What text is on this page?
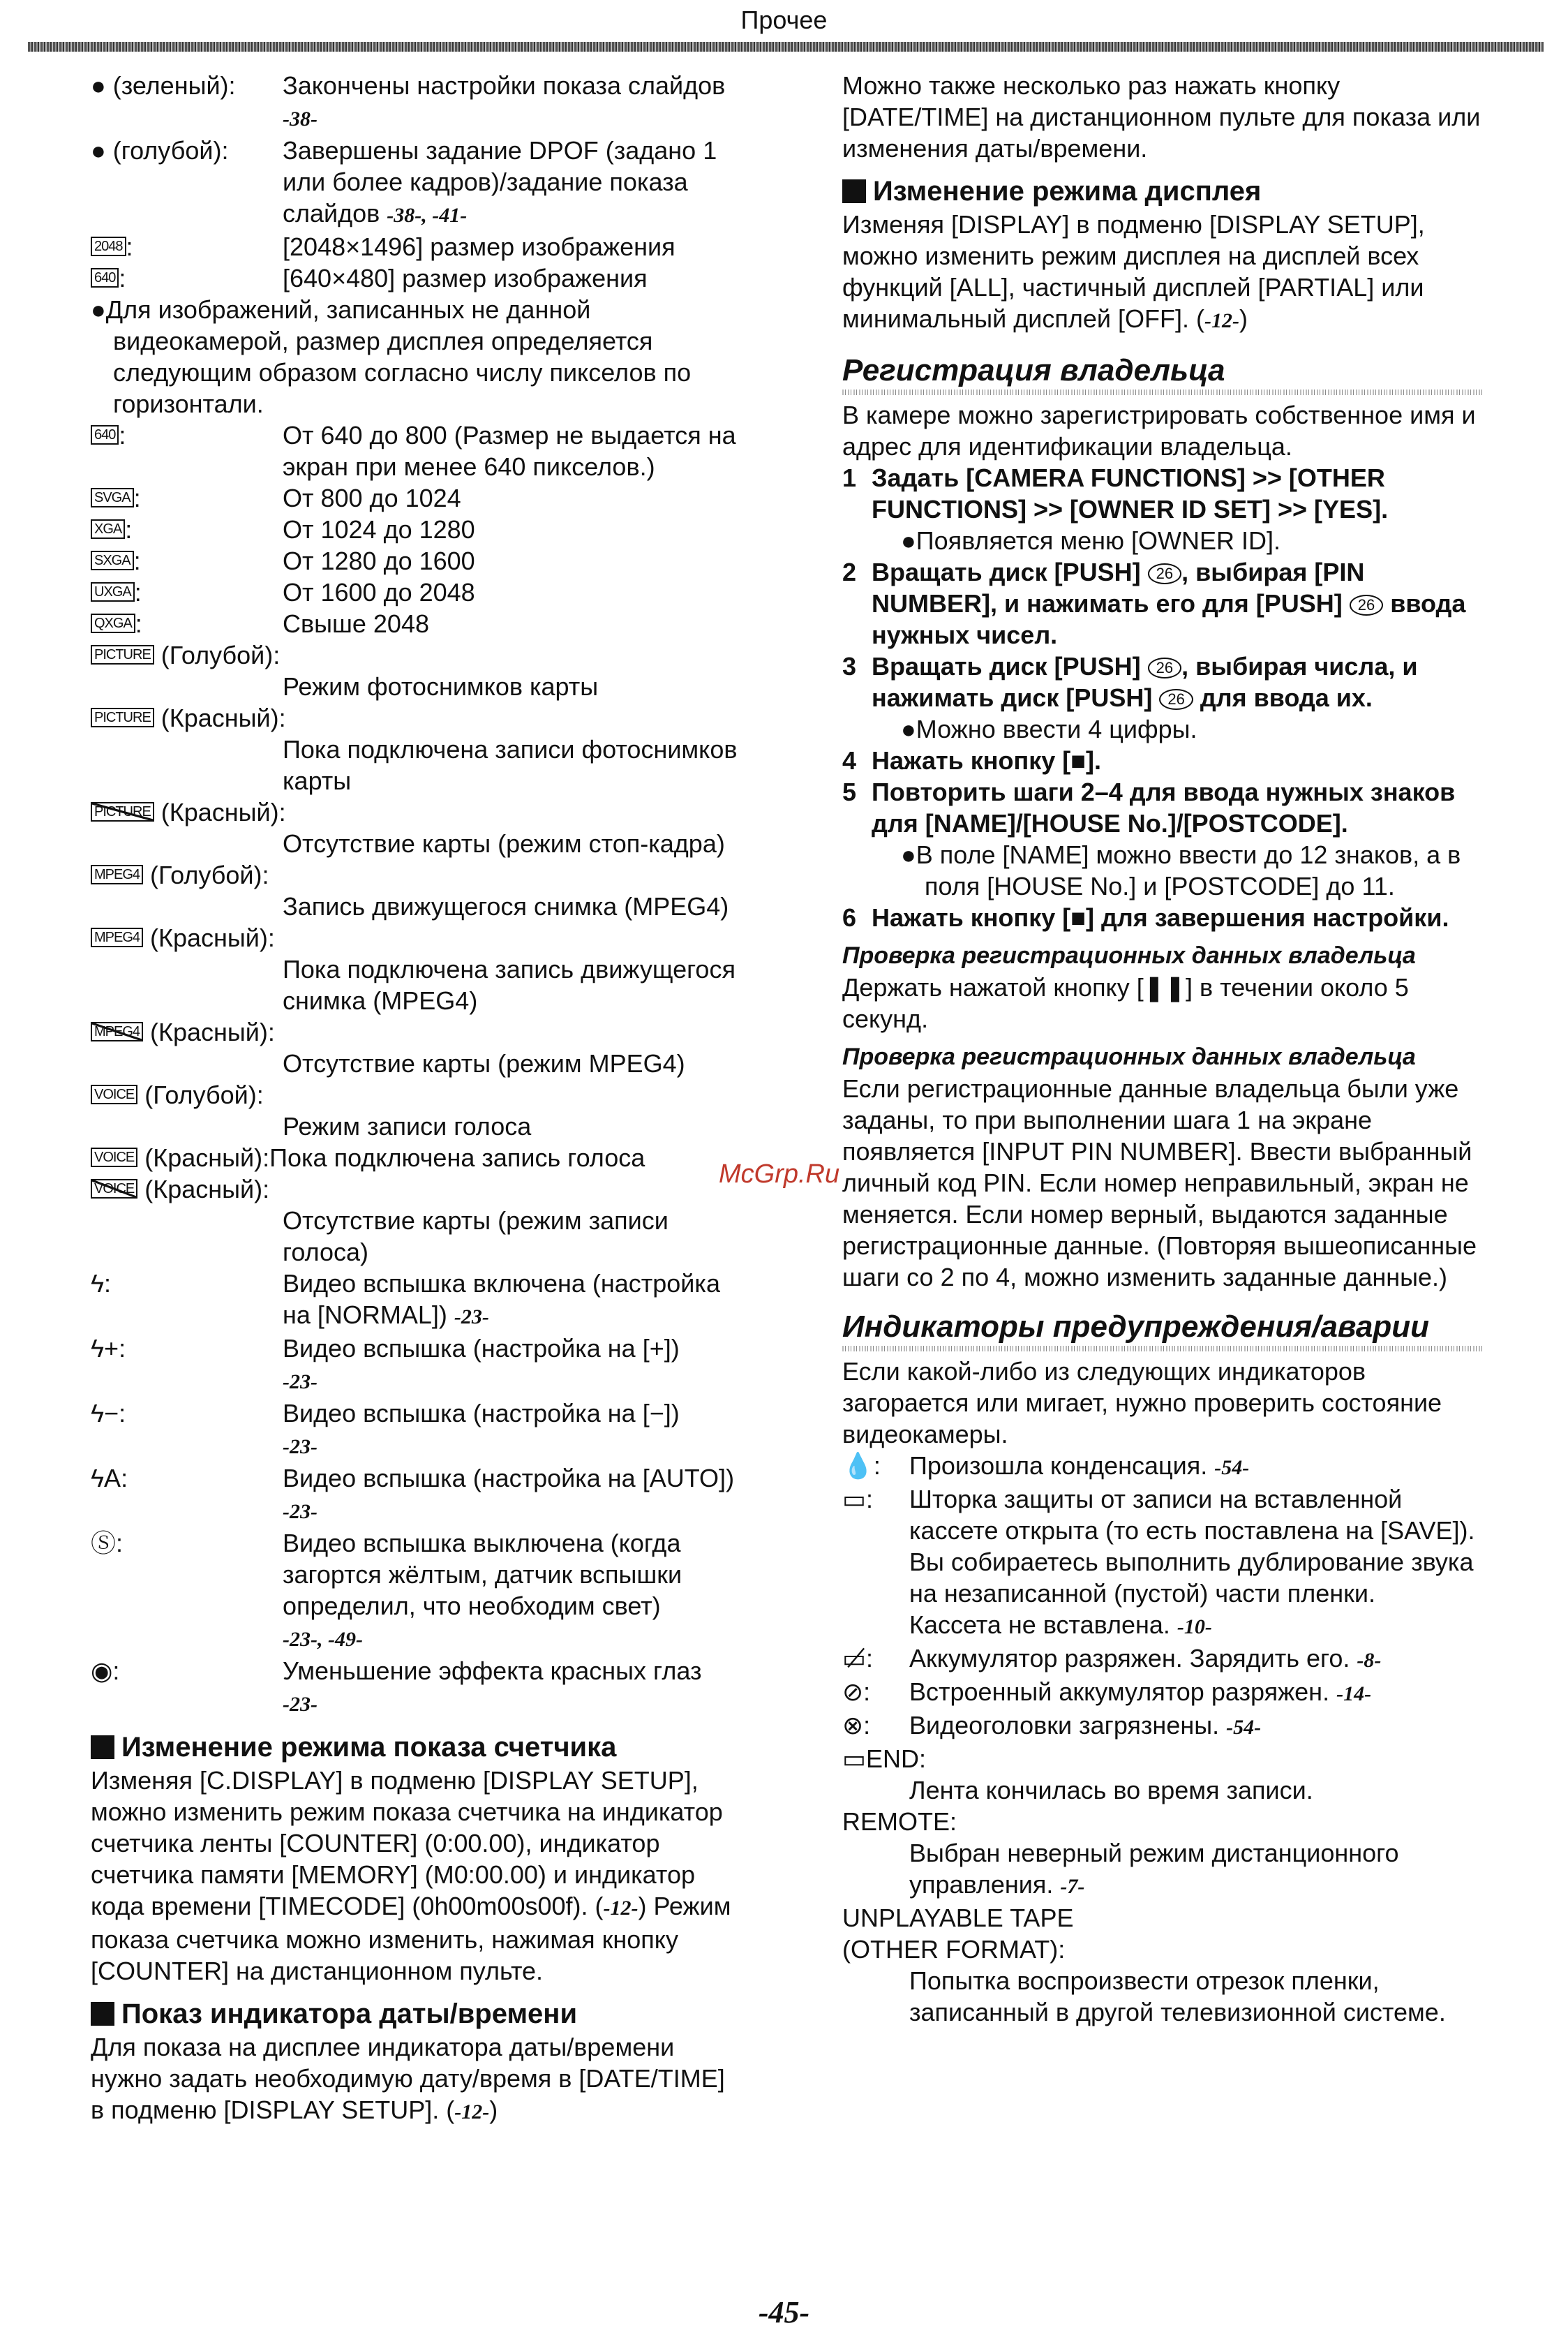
Прочее
● (зеленый): Закончены настройки показа слайдов -38-
● (голубой): Завершены задание DPOF (задано 1 или более кадров)/задание показа слайдов -38-, -41-
2048 :	[2048×1496] размер изображения
640 :	[640×480] размер изображения
●Для изображений, записанных не данной видеокамерой, размер дисплея определяется следующим образом согласно числу пикселов по горизонтали.
640 :	От 640 до 800 (Размер не выдается на экран при менее 640 пикселов.)
SVGA :	От 800 до 1024
XGA :	От 1024 до 1280
SXGA :	От 1280 до 1600
UXGA :	От 1600 до 2048
QXGA :	Свыше 2048
PICTURE (Голубой):
Режим фотоснимков карты
PICTURE (Красный):
Пока подключена записи фотоснимков карты
PICTURE (Красный):
Отсутствие карты (режим стоп-кадра)
MPEG4 (Голубой):
Запись движущегося снимка (MPEG4)
MPEG4 (Красный):
Пока подключена запись движущегося снимка (MPEG4)
MPEG4 (Красный):
Отсутствие карты (режим MPEG4)
VOICE (Голубой):
Режим записи голоса
VOICE (Красный):Пока подключена запись голоса
VOICE (Красный):
Отсутствие карты (режим записи голоса)
ϟ:	Видео вспышка включена (настройка на [NORMAL]) -23-
ϟ+:	Видео вспышка (настройка на [+])
-23-
ϟ−:	Видео вспышка (настройка на [−])
-23-
ϟA:	Видео вспышка (настройка на [AUTO]) -23-
Ⓢ:	Видео вспышка выключена (когда загортся жёлтым, датчик вспышки определил, что необходим свет)
-23-, -49-
◉:	Уменьшение эффекта красных глаз -23-
Изменение режима показа счетчика
Изменяя [C.DISPLAY] в подменю [DISPLAY SETUP], можно изменить режим показа счетчика на индикатор счетчика ленты [COUNTER] (0:00.00), индикатор счетчика памяти [MEMORY] (M0:00.00) и индикатор кода времени [TIMECODE] (0h00m00s00f). (-12-) Режим показа счетчика можно изменить, нажимая кнопку [COUNTER] на дистанционном пульте.
Показ индикатора даты/времени
Для показа на дисплее индикатора даты/времени нужно задать необходимую дату/время в [DATE/TIME] в подменю [DISPLAY SETUP]. (-12-)
Можно также несколько раз нажать кнопку [DATE/TIME] на дистанционном пульте для показа или изменения даты/времени.
Изменение режима дисплея
Изменяя [DISPLAY] в подменю [DISPLAY SETUP], можно изменить режим дисплея на дисплей всех функций [ALL], частичный дисплей [PARTIAL] или минимальный дисплей [OFF]. (-12-)
Регистрация владельца
В камере можно зарегистрировать собственное имя и адрес для идентификации владельца.
1 Задать [CAMERA FUNCTIONS] >> [OTHER FUNCTIONS] >> [OWNER ID SET] >> [YES].
●Появляется меню [OWNER ID].
2 Вращать диск [PUSH] 26 , выбирая [PIN NUMBER], и нажимать его для [PUSH] 26 ввода нужных чисел.
3 Вращать диск [PUSH] 26 , выбирая числа, и нажимать диск [PUSH] 26 для ввода их.
●Можно ввести 4 цифры.
4 Нажать кнопку [■].
5 Повторить шаги 2–4 для ввода нужных знаков для [NAME]/[HOUSE No.]/[POSTCODE].
●В поле [NAME] можно ввести до 12 знаков, а в поля [HOUSE No.] и [POSTCODE] до 11.
6 Нажать кнопку [■] для завершения настройки.
Проверка регистрационных данных владельца
Держать нажатой кнопку [❚❚] в течении около 5 секунд.
Проверка регистрационных данных владельца
Если регистрационные данные владельца были уже заданы, то при выполнении шага 1 на экране появляется [INPUT PIN NUMBER]. Ввести выбранный личный код PIN. Если номер неправильный, экран не меняется. Если номер верный, выдаются заданные регистрационные данные. (Повторяя вышеописанные шаги со 2 по 4, можно изменить заданные данные.)
Индикаторы предупреждения/аварии
Если какой-либо из следующих индикаторов загорается или мигает, нужно проверить состояние видеокамеры.
💧: Произошла конденсация. -54-
▭: Шторка защиты от записи на вставленной кассете открыта (то есть поставлена на [SAVE]).
Вы собираетесь выполнить дублирование звука на незаписанной (пустой) части пленки.
Кассета не вставлена. -10-
▭̸: Аккумулятор разряжен. Зарядить его. -8-
⊘: Встроенный аккумулятор разряжен. -14-
⊗: Видеоголовки загрязнены. -54-
▭END:
Лента кончилась во время записи.
REMOTE:
Выбран неверный режим дистанционного управления. -7-
UNPLAYABLE TAPE
(OTHER FORMAT):
Попытка воспроизвести отрезок пленки, записанный в другой телевизионной системе.
McGrp.Ru
-45-
